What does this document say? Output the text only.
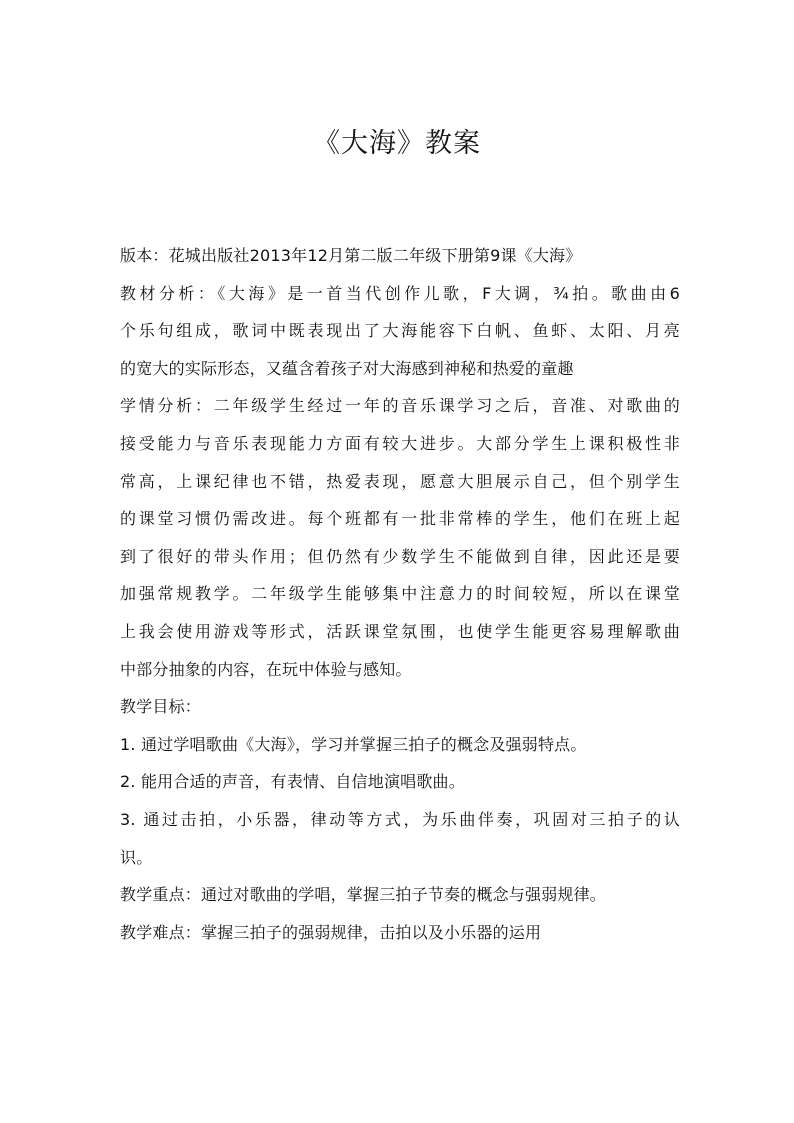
《大海》教案

版本：花城出版社2013年12月第二版二年级下册第9课《大海》

教材分析：《大海》是一首当代创作儿歌，F大调，¾拍。歌曲由6

个乐句组成，歌词中既表现出了大海能容下白帆、鱼虾、太阳、月亮

的宽大的实际形态，又蕴含着孩子对大海感到神秘和热爱的童趣

学情分析：二年级学生经过一年的音乐课学习之后，音准、对歌曲的

接受能力与音乐表现能力方面有较大进步。大部分学生上课积极性非

常高，上课纪律也不错，热爱表现，愿意大胆展示自己，但个别学生

的课堂习惯仍需改进。每个班都有一批非常棒的学生，他们在班上起

到了很好的带头作用；但仍然有少数学生不能做到自律，因此还是要

加强常规教学。二年级学生能够集中注意力的时间较短，所以在课堂

上我会使用游戏等形式，活跃课堂氛围，也使学生能更容易理解歌曲

中部分抽象的内容，在玩中体验与感知。

教学目标：

1. 通过学唱歌曲《大海》，学习并掌握三拍子的概念及强弱特点。

2. 能用合适的声音，有表情、自信地演唱歌曲。

3. 通过击拍，小乐器，律动等方式，为乐曲伴奏，巩固对三拍子的认

识。

教学重点：通过对歌曲的学唱，掌握三拍子节奏的概念与强弱规律。

教学难点：掌握三拍子的强弱规律，击拍以及小乐器的运用
